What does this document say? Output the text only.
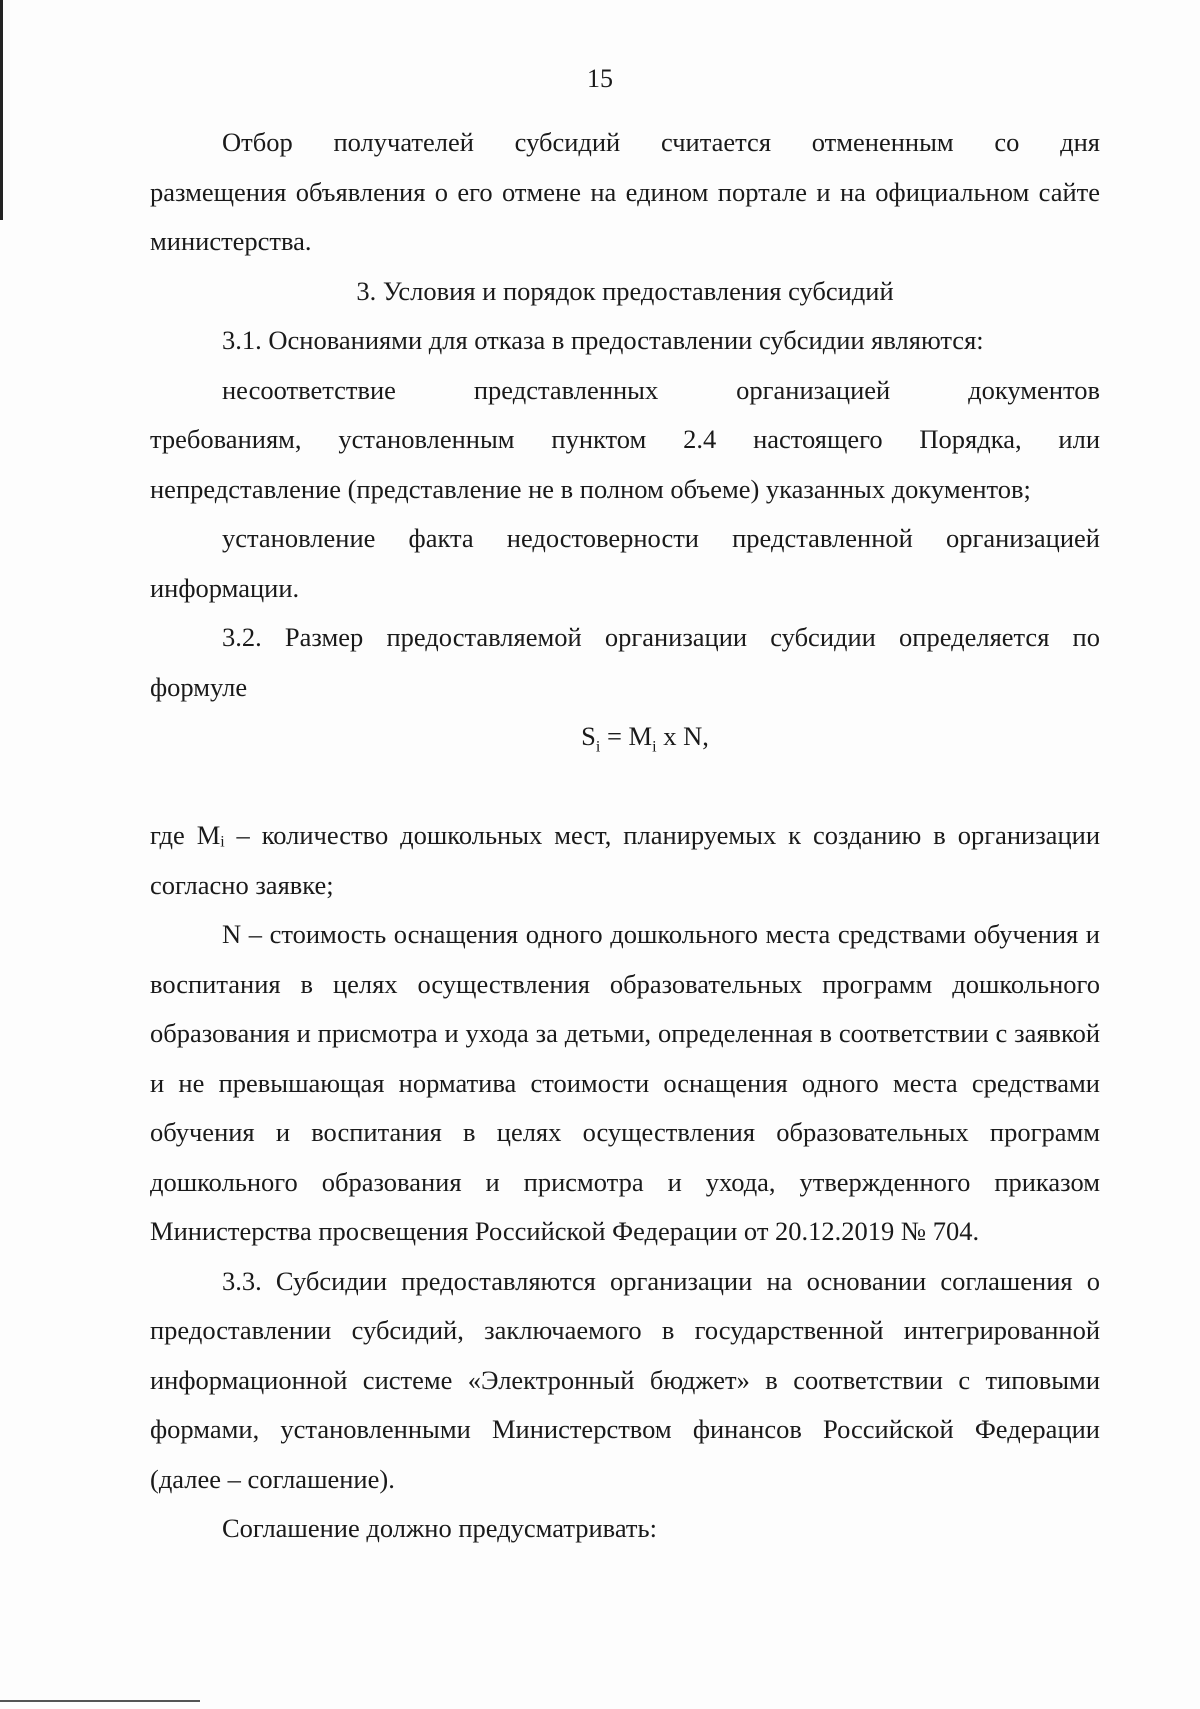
15

Отбор получателей субсидий считается отмененным со дня

размещения объявления о его отмене на едином портале и на официальном сайте министерства.

3. Условия и порядок предоставления субсидий

3.1. Основаниями для отказа в предоставлении субсидии являются:

несоответствие представленных организацией документов

требованиям, установленным пунктом 2.4 настоящего Порядка, или непредставление (представление не в полном объеме) указанных документов;

установление факта недостоверности представленной организацией информации.

3.2. Размер предоставляемой организации субсидии определяется по формуле

$S_i = M_i$ x N,

где Mᵢ – количество дошкольных мест, планируемых к созданию в организации согласно заявке;

N – стоимость оснащения одного дошкольного места средствами обучения и воспитания в целях осуществления образовательных программ дошкольного образования и присмотра и ухода за детьми, определенная в соответствии с заявкой и не превышающая норматива стоимости оснащения одного места средствами обучения и воспитания в целях осуществления образовательных программ дошкольного образования и присмотра и ухода, утвержденного приказом Министерства просвещения Российской Федерации от 20.12.2019 № 704.

3.3. Субсидии предоставляются организации на основании соглашения о предоставлении субсидий, заключаемого в государственной интегрированной информационной системе «Электронный бюджет» в соответствии с типовыми формами, установленными Министерством финансов Российской Федерации (далее – соглашение).

Соглашение должно предусматривать:
